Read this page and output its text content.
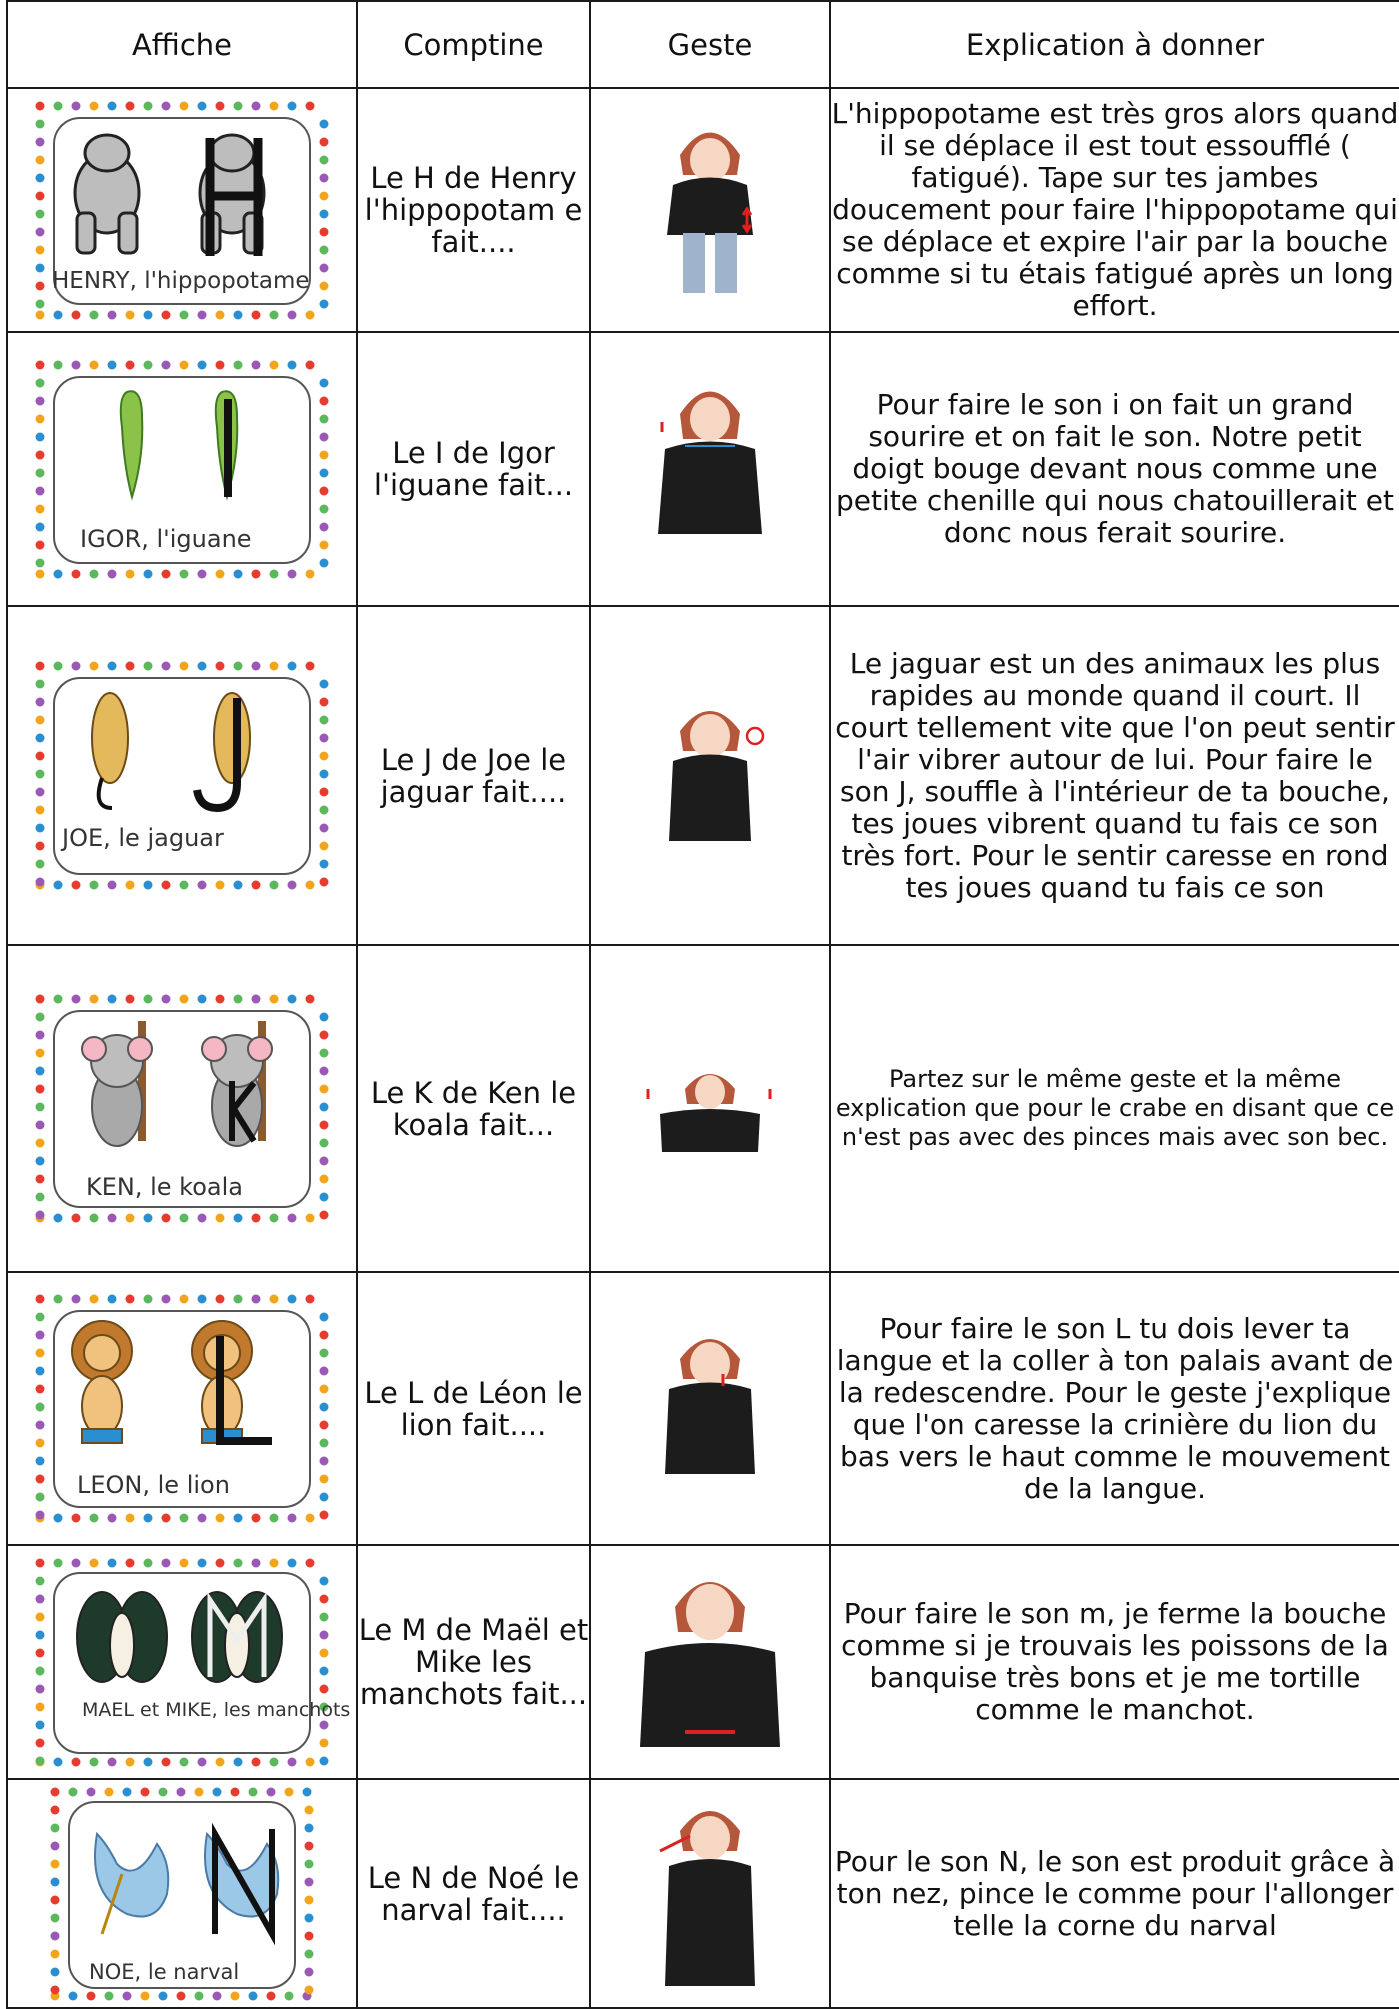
Affiche	Comptine	Geste	Explication à donner

HENRY, l'hippopotame	Le H de Henry l'hippopotam e fait....		L'hippopotame est très gros alors quand il se déplace il est tout essoufflé ( fatigué). Tape sur tes jambes doucement pour faire l'hippopotame qui se déplace et expire l'air par la bouche comme si tu étais fatigué après un long effort.

IGOR, l'iguane	Le I de Igor l'iguane fait...		Pour faire le son i on fait un grand sourire et on fait le son. Notre petit doigt bouge devant nous comme une petite chenille qui nous chatouillerait et donc nous ferait sourire.

JOE, le jaguar	Le J de Joe le jaguar fait....		Le jaguar est un des animaux les plus rapides au monde quand il court. Il court tellement vite que l'on peut sentir l'air vibrer autour de lui. Pour faire le son J, souffle à l'intérieur de ta bouche, tes joues vibrent quand tu fais ce son très fort. Pour le sentir caresse en rond tes joues quand tu fais ce son

KEN, le koala	Le K de Ken le koala fait...		Partez sur le même geste et la même explication que pour le crabe en disant que ce n'est pas avec des pinces mais avec son bec.

LEON, le lion	Le L de Léon le lion fait....		Pour faire le son L tu dois lever ta langue et la coller à ton palais avant de la redescendre. Pour le geste j'explique que l'on caresse la crinière du lion du bas vers le haut comme le mouvement de la langue.

MAEL et MIKE, les manchots	Le M de Maël et Mike les manchots fait...		Pour faire le son m, je ferme la bouche comme si je trouvais les poissons de la banquise très bons et je me tortille comme le manchot.

NOE, le narval	Le N de Noé le narval fait....		Pour le son N, le son est produit grâce à ton nez, pince le comme pour l'allonger telle la corne du narval
